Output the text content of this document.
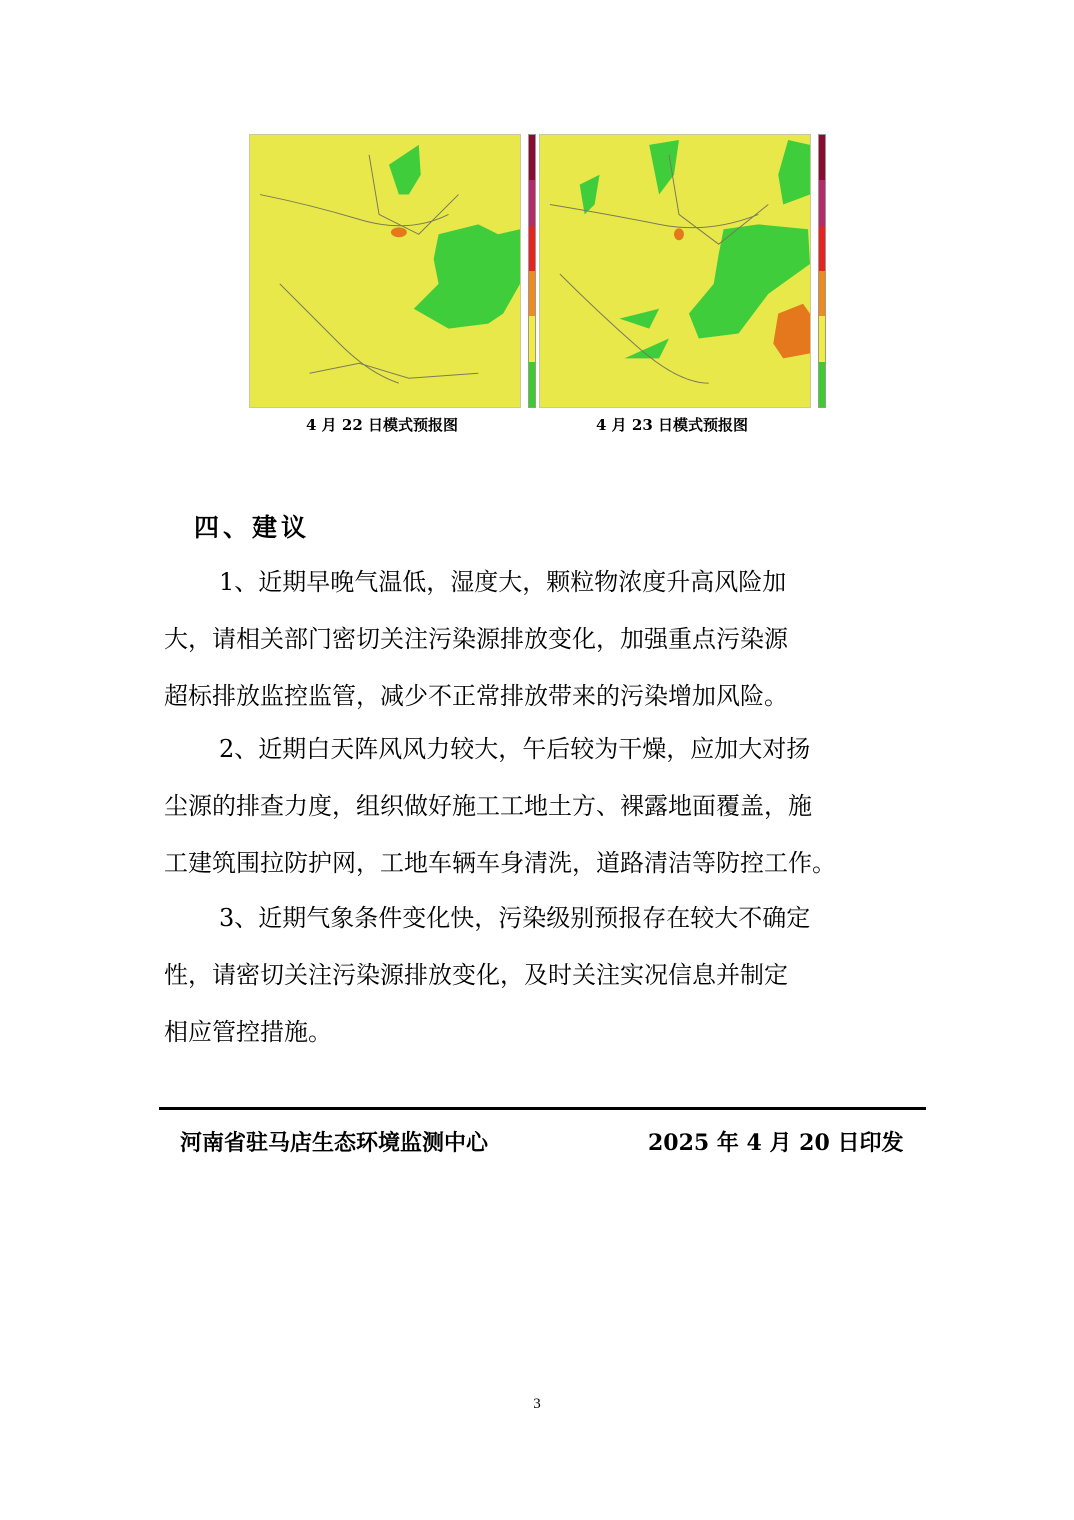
4 月 22 日模式预报图	4 月 23 日模式预报图
四、建议
1、近期早晚气温低，湿度大，颗粒物浓度升高风险加
大，请相关部门密切关注污染源排放变化，加强重点污染源
超标排放监控监管，减少不正常排放带来的污染增加风险。
2、近期白天阵风风力较大，午后较为干燥，应加大对扬
尘源的排查力度，组织做好施工工地土方、裸露地面覆盖，施
工建筑围拉防护网，工地车辆车身清洗，道路清洁等防控工作。
3、近期气象条件变化快，污染级别预报存在较大不确定
性，请密切关注污染源排放变化，及时关注实况信息并制定
相应管控措施。
河南省驻马店生态环境监测中心	2025 年 4 月 20 日印发
3
